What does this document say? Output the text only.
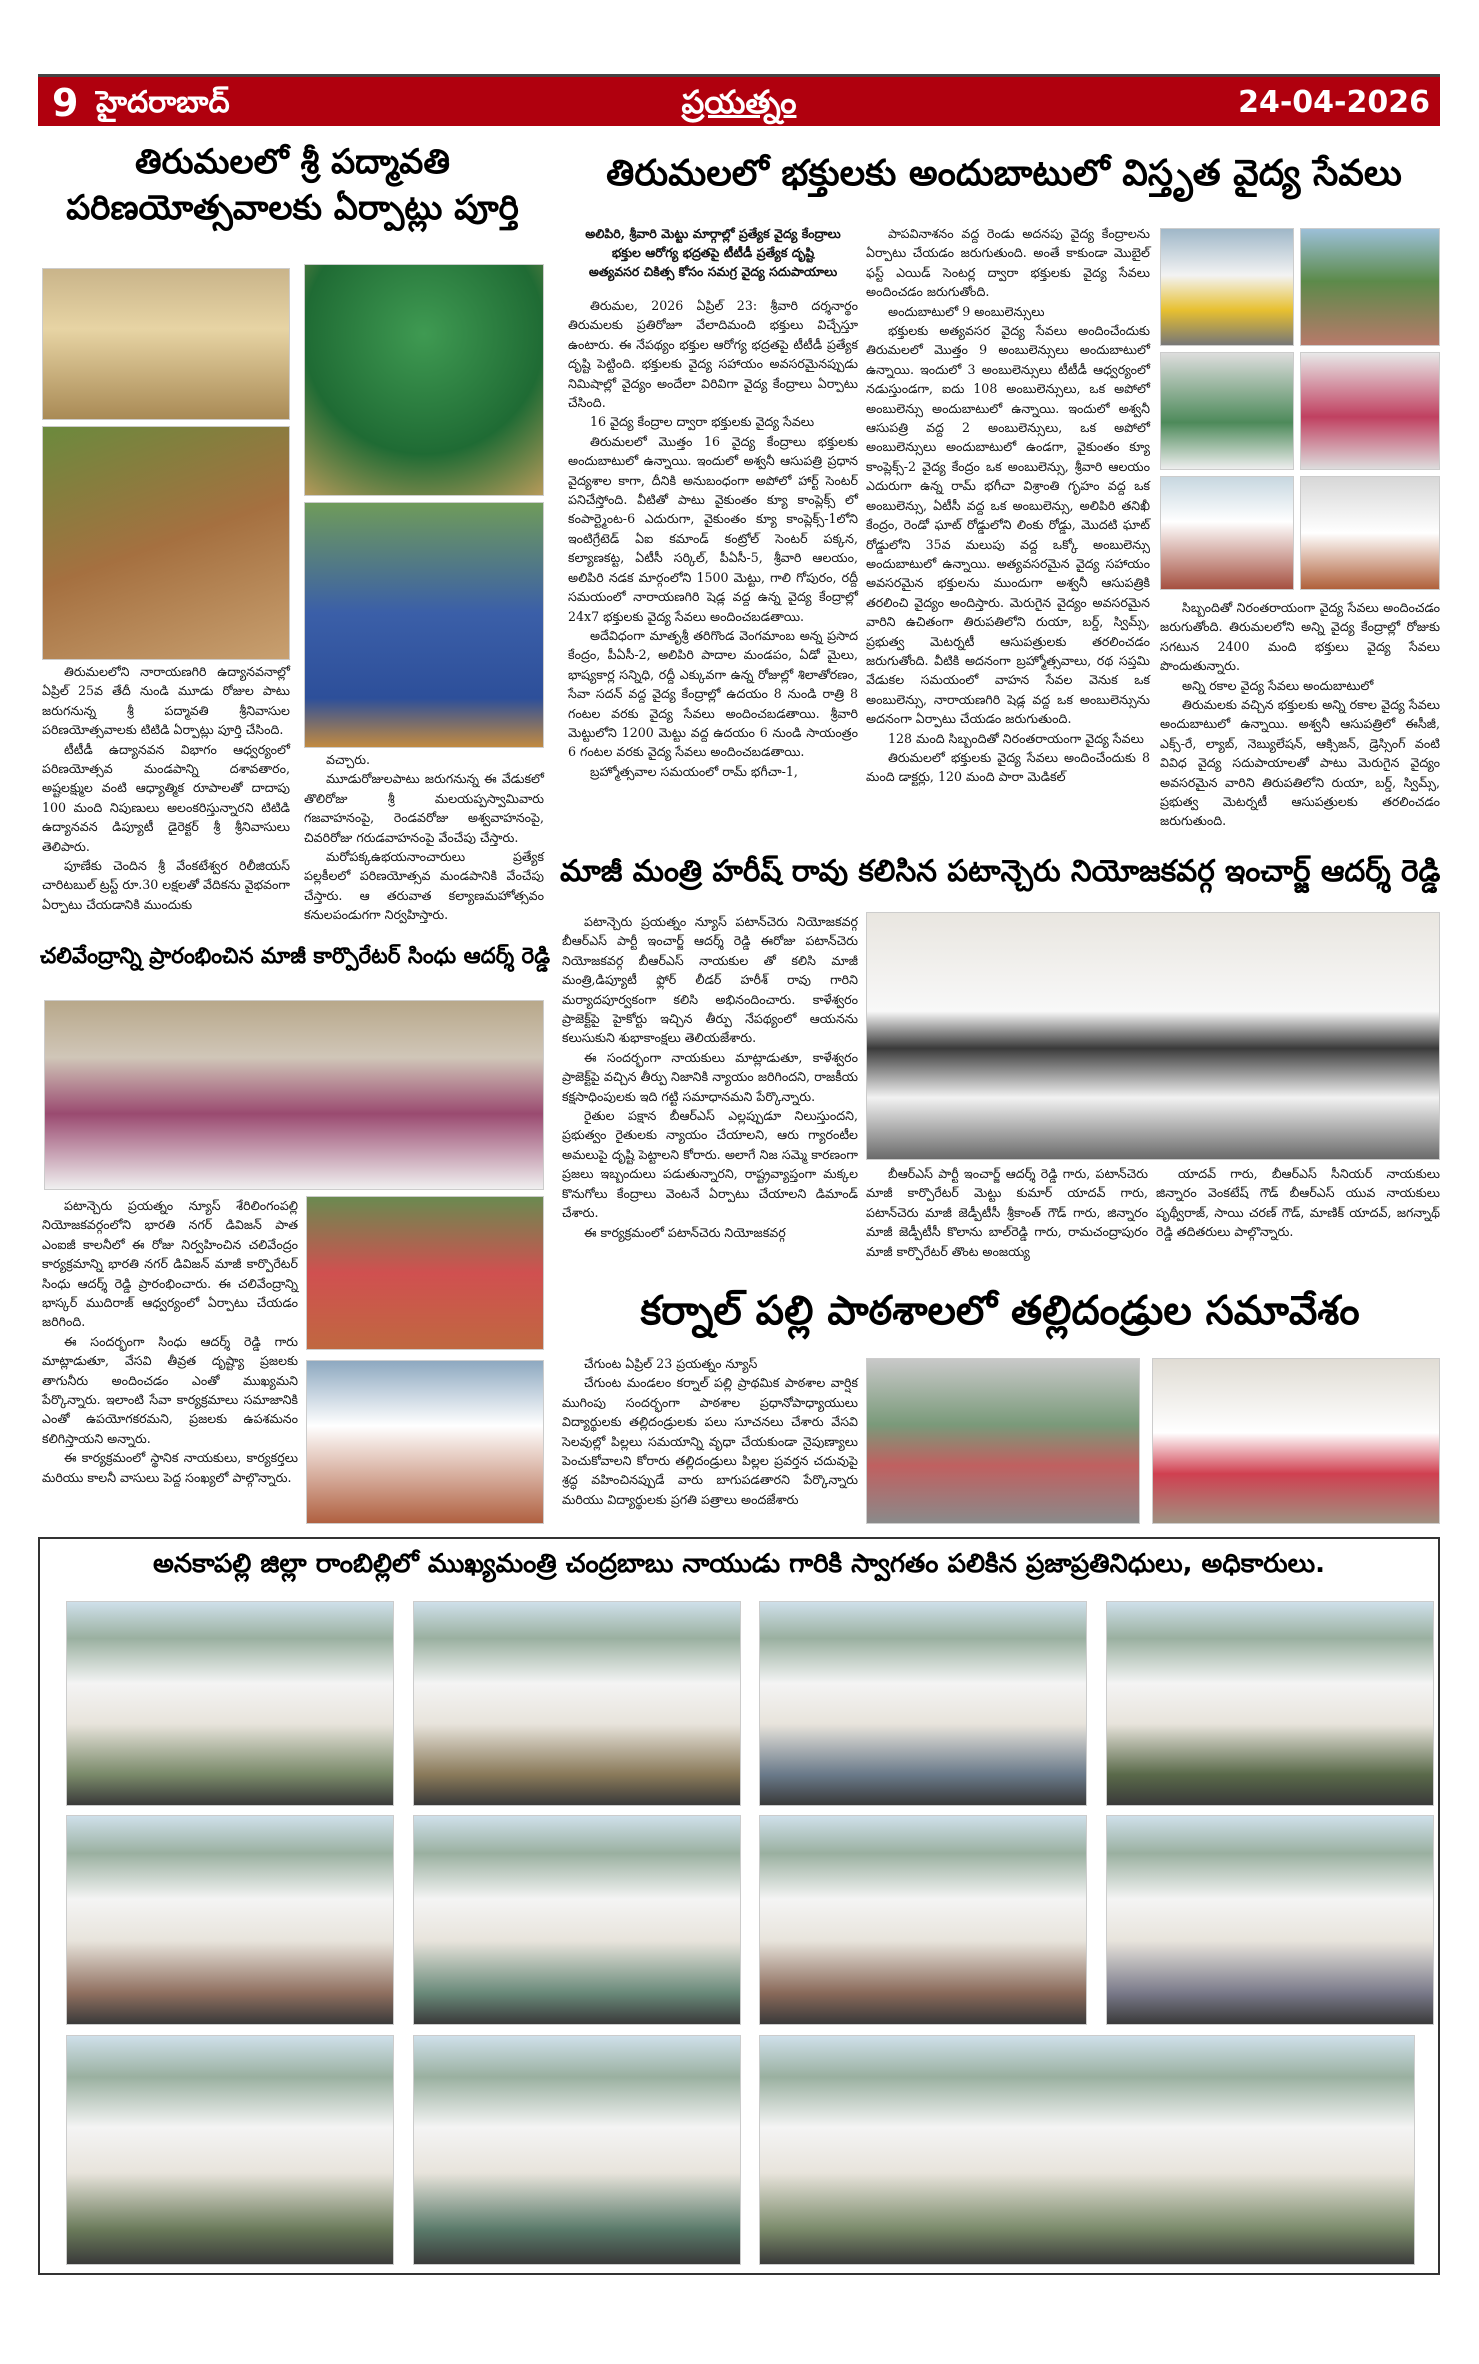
9 హైదరాబాద్	ప్రయత్నం	24-04-2026
తిరుమలలో శ్రీ పద్మావతి
పరిణయోత్సవాలకు ఏర్పాట్లు పూర్తి

తిరుమలలోని నారాయణగిరి ఉద్యానవనాల్లో ఏప్రిల్ 25వ తేదీ నుండి మూడు రోజుల పాటు జరుగనున్న శ్రీ పద్మావతి శ్రీనివాసుల పరిణయోత్సవాలకు టిటిడి ఏర్పాట్లు పూర్తి చేసింది.

టీటీడీ ఉద్యానవన విభాగం ఆధ్వర్యంలో పరిణయోత్సవ మండపాన్ని దశావతారం, అష్టలక్ష్ముల వంటి ఆధ్యాత్మిక రూపాలతో దాదాపు 100 మంది నిపుణులు అలంకరిస్తున్నారని టిటిడి ఉద్యానవన డిప్యూటీ డైరెక్టర్ శ్రీ శ్రీనివాసులు తెలిపారు.

పూణేకు చెందిన శ్రీ వేంకటేశ్వర రిలీజియస్ చారిటబుల్ ట్రస్ట్ రూ.30 లక్షలతో వేదికను వైభవంగా ఏర్పాటు చేయడానికి ముందుకు

వచ్చారు.

మూడురోజులపాటు జరుగనున్న ఈ వేడుకలో తొలిరోజు శ్రీ మలయప్పస్వామివారు గజవాహనంపై, రెండవరోజు అశ్వవాహనంపై, చివరిరోజు గరుడవాహనంపై వేంచేపు చేస్తారు.

మరోపక్కఉభయనాంచారులు ప్రత్యేక పల్లకీలలో పరిణయోత్సవ మండపానికి వేంచేపు చేస్తారు. ఆ తరువాత కల్యాణమహోత్సవం కనులపండుగగా నిర్వహిస్తారు.

తిరుమలలో భక్తులకు అందుబాటులో విస్తృత వైద్య సేవలు
అలిపిరి, శ్రీవారి మెట్టు మార్గాల్లో ప్రత్యేక వైద్య కేంద్రాలు
భక్తుల ఆరోగ్య భద్రతపై టీటీడీ ప్రత్యేక దృష్టి
అత్యవసర చికిత్స కోసం సమగ్ర వైద్య సదుపాయాలు

తిరుమల, 2026 ఏప్రిల్ 23: శ్రీవారి దర్శనార్థం తిరుమలకు ప్రతిరోజూ వేలాదిమంది భక్తులు విచ్చేస్తూ ఉంటారు. ఈ నేపథ్యం భక్తుల ఆరోగ్య భద్రతపై టీటీడీ ప్రత్యేక దృష్టి పెట్టింది. భక్తులకు వైద్య సహాయం అవసరమైనప్పుడు నిమిషాల్లో వైద్యం అందేలా విరివిగా వైద్య కేంద్రాలు ఏర్పాటు చేసింది.

16 వైద్య కేంద్రాల ద్వారా భక్తులకు వైద్య సేవలు

తిరుమలలో మొత్తం 16 వైద్య కేంద్రాలు భక్తులకు అందుబాటులో ఉన్నాయి. ఇందులో అశ్వనీ ఆసుపత్రి ప్రధాన వైద్యశాల కాగా, దీనికి అనుబంధంగా అపోలో హార్ట్ సెంటర్ పనిచేస్తోంది. వీటితో పాటు వైకుంతం క్యూ కాంప్లెక్స్ లో కంపార్ట్మెంట-6 ఎదురుగా, వైకుంతం క్యూ కాంప్లెక్స్-1లోని ఇంటిగ్రేటెడ్ ఏఐ కమాండ్ కంట్రోల్ సెంటర్ పక్కన, కల్యాణకట్ట, ఏటీసీ సర్కిల్, పీఏసీ-5, శ్రీవారి ఆలయం, అలిపిరి నడక మార్గంలోని 1500 మెట్టు, గాలి గోపురం, రద్దీ సమయంలో నారాయణగిరి షెడ్ల వద్ద ఉన్న వైద్య కేంద్రాల్లో 24x7 భక్తులకు వైద్య సేవలు అందించబడతాయి.

అదేవిధంగా మాతృశ్రీ తరిగొండ వెంగమాంబ అన్న ప్రసాద కేంద్రం, పీఏసీ-2, అలిపిరి పాదాల మండపం, ఏడో మైలు, భాష్యకార్ల సన్నిధి, రద్దీ ఎక్కువగా ఉన్న రోజుల్లో శిలాతోరణం, సేవా సదన్ వద్ద వైద్య కేంద్రాల్లో ఉదయం 8 నుండి రాత్రి 8 గంటల వరకు వైద్య సేవలు అందించబడతాయి. శ్రీవారి మెట్టులోని 1200 మెట్టు వద్ద ఉదయం 6 నుండి సాయంత్రం 6 గంటల వరకు వైద్య సేవలు అందించబడతాయి.

బ్రహ్మోత్సవాల సమయంలో రామ్ భగీచా-1,

పాపవినాశనం వద్ద రెండు అదనపు వైద్య కేంద్రాలను ఏర్పాటు చేయడం జరుగుతుంది. అంతే కాకుండా మొబైల్ ఫస్ట్ ఎయిడ్ సెంటర్ల ద్వారా భక్తులకు వైద్య సేవలు అందించడం జరుగుతోంది.

అందుబాటులో 9 అంబులెన్సులు

భక్తులకు అత్యవసర వైద్య సేవలు అందించేందుకు తిరుమలలో మొత్తం 9 అంబులెన్సులు అందుబాటులో ఉన్నాయి. ఇందులో 3 అంబులెన్సులు టీటీడీ ఆధ్వర్యంలో నడుస్తుండగా, ఐదు 108 అంబులెన్సులు, ఒక అపోలో అంబులెన్సు అందుబాటులో ఉన్నాయి. ఇందులో అశ్వనీ ఆసుపత్రి వద్ద 2 అంబులెన్సులు, ఒక అపోలో అంబులెన్సులు అందుబాటులో ఉండగా, వైకుంతం క్యూ కాంప్లెక్స్-2 వైద్య కేంద్రం ఒక అంబులెన్సు, శ్రీవారి ఆలయం ఎదురుగా ఉన్న రామ్ భగీచా విశ్రాంతి గృహం వద్ద ఒక అంబులెన్సు, ఏటీసీ వద్ద ఒక అంబులెన్సు, అలిపిరి తనిఖీ కేంద్రం, రెండో ఘాట్ రోడ్డులోని లింకు రోడ్డు, మొదటి ఘాట్ రోడ్డులోని 35వ మలుపు వద్ద ఒక్కో అంబులెన్సు అందుబాటులో ఉన్నాయి. అత్యవసరమైన వైద్య సహాయం అవసరమైన భక్తులను ముందుగా అశ్వనీ ఆసుపత్రికి తరలించి వైద్యం అందిస్తారు. మెరుగైన వైద్యం అవసరమైన వారిని ఉచితంగా తిరుపతిలోని రుయా, బర్డ్, స్విమ్స్, ప్రభుత్వ మెటర్నటీ ఆసుపత్రులకు తరలించడం జరుగుతోంది. వీటికి అదనంగా బ్రహ్మోత్సవాలు, రథ సప్తమి వేడుకల సమయంలో వాహన సేవల వెనుక ఒక అంబులెన్సు, నారాయణగిరి షెడ్ల వద్ద ఒక అంబులెన్సును అదనంగా ఏర్పాటు చేయడం జరుగుతుంది.

128 మంది సిబ్బందితో నిరంతరాయంగా వైద్య సేవలు

తిరుమలలో భక్తులకు వైద్య సేవలు అందించేందుకు 8 మంది డాక్టర్లు, 120 మంది పారా మెడికల్

సిబ్బందితో నిరంతరాయంగా వైద్య సేవలు అందించడం జరుగుతోంది. తిరుమలలోని అన్ని వైద్య కేంద్రాల్లో రోజుకు సగటున 2400 మంది భక్తులు వైద్య సేవలు పొందుతున్నారు.

అన్ని రకాల వైద్య సేవలు అందుబాటులో

తిరుమలకు వచ్చిన భక్తులకు అన్ని రకాల వైద్య సేవలు అందుబాటులో ఉన్నాయి. అశ్వనీ ఆసుపత్రిలో ఈసీజీ, ఎక్స్-రే, ల్యాబ్, నెబ్యులేషన్, ఆక్సిజన్, డ్రెస్సింగ్ వంటి వివిధ వైద్య సదుపాయాలతో పాటు మెరుగైన వైద్యం అవసరమైన వారిని తిరుపతిలోని రుయా, బర్డ్, స్విమ్స్, ప్రభుత్వ మెటర్నటీ ఆసుపత్రులకు తరలించడం జరుగుతుంది.

చలివేంద్రాన్ని ప్రారంభించిన మాజీ కార్పొరేటర్ సింధు ఆదర్శ్ రెడ్డి

పటాన్చెరు ప్రయత్నం న్యూస్ శేరిలింగంపల్లి నియోజకవర్గంలోని భారతి నగర్ డివిజన్ పాత ఎంఐజీ కాలనీలో ఈ రోజు నిర్వహించిన చలివేంద్రం కార్యక్రమాన్ని భారతి నగర్ డివిజన్ మాజీ కార్పొరేటర్ సింధు ఆదర్శ్ రెడ్డి ప్రారంభించారు. ఈ చలివేంద్రాన్ని భాస్కర్ ముదిరాజ్ ఆధ్వర్యంలో ఏర్పాటు చేయడం జరిగింది.

ఈ సందర్భంగా సింధు ఆదర్శ్ రెడ్డి గారు మాట్లాడుతూ, వేసవి తీవ్రత దృష్ట్యా ప్రజలకు తాగునీరు అందించడం ఎంతో ముఖ్యమని పేర్కొన్నారు. ఇలాంటి సేవా కార్యక్రమాలు సమాజానికి ఎంతో ఉపయోగకరమని, ప్రజలకు ఉపశమనం కలిగిస్తాయని అన్నారు.

ఈ కార్యక్రమంలో స్థానిక నాయకులు, కార్యకర్తలు మరియు కాలనీ వాసులు పెద్ద సంఖ్యలో పాల్గొన్నారు.

మాజీ మంత్రి హరీష్ రావు కలిసిన పటాన్చెరు నియోజకవర్గ ఇంచార్జ్ ఆదర్శ్ రెడ్డి

పటాన్చెరు ప్రయత్నం న్యూస్ పటాన్‌చెరు నియోజకవర్గ బీఆర్ఎస్ పార్టీ ఇంచార్జ్ ఆదర్శ్ రెడ్డి ఈరోజు పటాన్‌చెరు నియోజకవర్గ బీఆర్ఎస్ నాయకుల తో కలిసి మాజీ మంత్రి,డిప్యూటీ ఫ్లోర్ లీడర్ హరీశ్ రావు గారిని మర్యాదపూర్వకంగా కలిసి అభినందించారు. కాళేశ్వరం ప్రాజెక్ట్‌పై హైకోర్టు ఇచ్చిన తీర్పు నేపథ్యంలో ఆయనను కలుసుకుని శుభాకాంక్షలు తెలియజేశారు.

ఈ సందర్భంగా నాయకులు మాట్లాడుతూ, కాళేశ్వరం ప్రాజెక్ట్‌పై వచ్చిన తీర్పు నిజానికి న్యాయం జరిగిందని, రాజకీయ కక్షసాధింపులకు ఇది గట్టి సమాధానమని పేర్కొన్నారు.

రైతుల పక్షాన బీఆర్ఎస్ ఎల్లప్పుడూ నిలుస్తుందని, ప్రభుత్వం రైతులకు న్యాయం చేయాలని, ఆరు గ్యారంటీల అమలుపై దృష్టి పెట్టాలని కోరారు. అలాగే నిజ సమ్మె కారణంగా ప్రజలు ఇబ్బందులు పడుతున్నారని, రాష్ట్రవ్యాప్తంగా మక్కల కొనుగోలు కేంద్రాలు వెంటనే ఏర్పాటు చేయాలని డిమాండ్ చేశారు.

ఈ కార్యక్రమంలో పటాన్‌చెరు నియోజకవర్గ

బీఆర్ఎస్ పార్టీ ఇంచార్జ్ ఆదర్శ్ రెడ్డి గారు, పటాన్‌చెరు మాజీ కార్పొరేటర్ మెట్టు కుమార్ యాదవ్ గారు, పటాన్‌చెరు మాజీ జెడ్పీటీసీ శ్రీకాంత్ గౌడ్ గారు, జిన్నారం మాజీ జెడ్పీటీసీ కొలాను బాల్‌రెడ్డి గారు, రామచంద్రాపురం మాజీ కార్పొరేటర్ తొంట అంజయ్య

యాదవ్ గారు, బీఆర్ఎస్ సీనియర్ నాయకులు జిన్నారం వెంకటేష్ గౌడ్ బీఆర్ఎస్ యువ నాయకులు పృథ్వీరాజ్, సాయి చరణ్ గౌడ్, మాణిక్ యాదవ్, జగన్నాథ్ రెడ్డి తదితరులు పాల్గొన్నారు.

కర్నాల్ పల్లి పాఠశాలలో తల్లిదండ్రుల సమావేశం

చేగుంట ఏప్రిల్ 23 ప్రయత్నం న్యూస్

చేగుంట మండలం కర్నాల్ పల్లి ప్రాథమిక పాఠశాల వార్షిక ముగింపు సందర్భంగా పాఠశాల ప్రధానోపాధ్యాయులు విద్యార్థులకు తల్లిదండ్రులకు పలు సూచనలు చేశారు వేసవి సెలవుల్లో పిల్లలు సమయాన్ని వృధా చేయకుండా నైపుణ్యాలు పెంచుకోవాలని కోరారు తల్లిదండ్రులు పిల్లల ప్రవర్తన చదువుపై శ్రద్ధ వహించినప్పుడే వారు బాగుపడతారని పేర్కొన్నారు మరియు విద్యార్థులకు ప్రగతి పత్రాలు అందజేశారు

అనకాపల్లి జిల్లా రాంబిల్లిలో ముఖ్యమంత్రి చంద్రబాబు నాయుడు గారికి స్వాగతం పలికిన ప్రజాప్రతినిధులు, అధికారులు.
